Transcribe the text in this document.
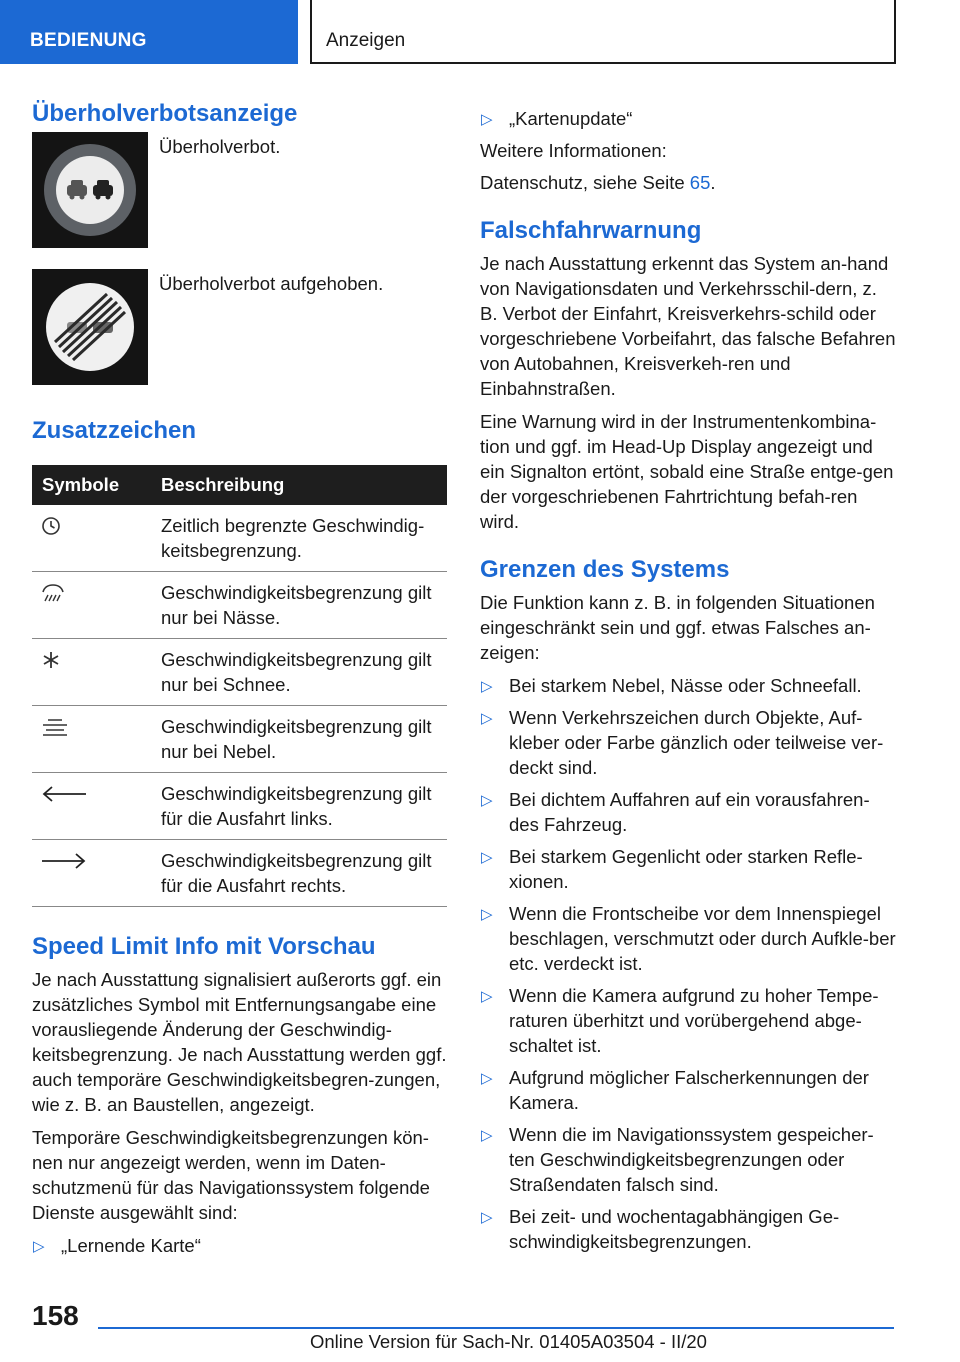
BEDIENUNG	Anzeigen
Überholverbotsanzeige
Überholverbot.
Überholverbot aufgehoben.
Zusatzzeichen
Symbole	Beschreibung
	Zeitlich begrenzte Geschwindig-keitsbegrenzung.
	Geschwindigkeitsbegrenzung gilt nur bei Nässe.
	Geschwindigkeitsbegrenzung gilt nur bei Schnee.
	Geschwindigkeitsbegrenzung gilt nur bei Nebel.
	Geschwindigkeitsbegrenzung gilt für die Ausfahrt links.
	Geschwindigkeitsbegrenzung gilt für die Ausfahrt rechts.
Speed Limit Info mit Vorschau

Je nach Ausstattung signalisiert außerorts ggf. ein zusätzliches Symbol mit Entfernungsangabe eine vorausliegende Änderung der Geschwindig-keitsbegrenzung. Je nach Ausstattung werden ggf. auch temporäre Geschwindigkeitsbegren-zungen, wie z. B. an Baustellen, angezeigt.

Temporäre Geschwindigkeitsbegrenzungen kön-nen nur angezeigt werden, wenn im Daten-schutzmenü für das Navigationssystem folgende Dienste ausgewählt sind:

▷ „Lernende Karte“
▷ „Kartenupdate“

Weitere Informationen:

Datenschutz, siehe Seite 65.

Falschfahrwarnung

Je nach Ausstattung erkennt das System an-hand von Navigationsdaten und Verkehrsschil-dern, z. B. Verbot der Einfahrt, Kreisverkehrs-schild oder vorgeschriebene Vorbeifahrt, das falsche Befahren von Autobahnen, Kreisverkeh-ren und Einbahnstraßen.

Eine Warnung wird in der Instrumentenkombina-tion und ggf. im Head-Up Display angezeigt und ein Signalton ertönt, sobald eine Straße entge-gen der vorgeschriebenen Fahrtrichtung befah-ren wird.

Grenzen des Systems

Die Funktion kann z. B. in folgenden Situationen eingeschränkt sein und ggf. etwas Falsches an-zeigen:

▷ Bei starkem Nebel, Nässe oder Schneefall.
▷ Wenn Verkehrszeichen durch Objekte, Auf-kleber oder Farbe gänzlich oder teilweise ver-deckt sind.
▷ Bei dichtem Auffahren auf ein vorausfahren-des Fahrzeug.
▷ Bei starkem Gegenlicht oder starken Refle-xionen.
▷ Wenn die Frontscheibe vor dem Innenspiegel beschlagen, verschmutzt oder durch Aufkle-ber etc. verdeckt ist.
▷ Wenn die Kamera aufgrund zu hoher Tempe-raturen überhitzt und vorübergehend abge-schaltet ist.
▷ Aufgrund möglicher Falscherkennungen der Kamera.
▷ Wenn die im Navigationssystem gespeicher-ten Geschwindigkeitsbegrenzungen oder Straßendaten falsch sind.
▷ Bei zeit- und wochentagabhängigen Ge-schwindigkeitsbegrenzungen.
158
Online Version für Sach-Nr. 01405A03504 - II/20
